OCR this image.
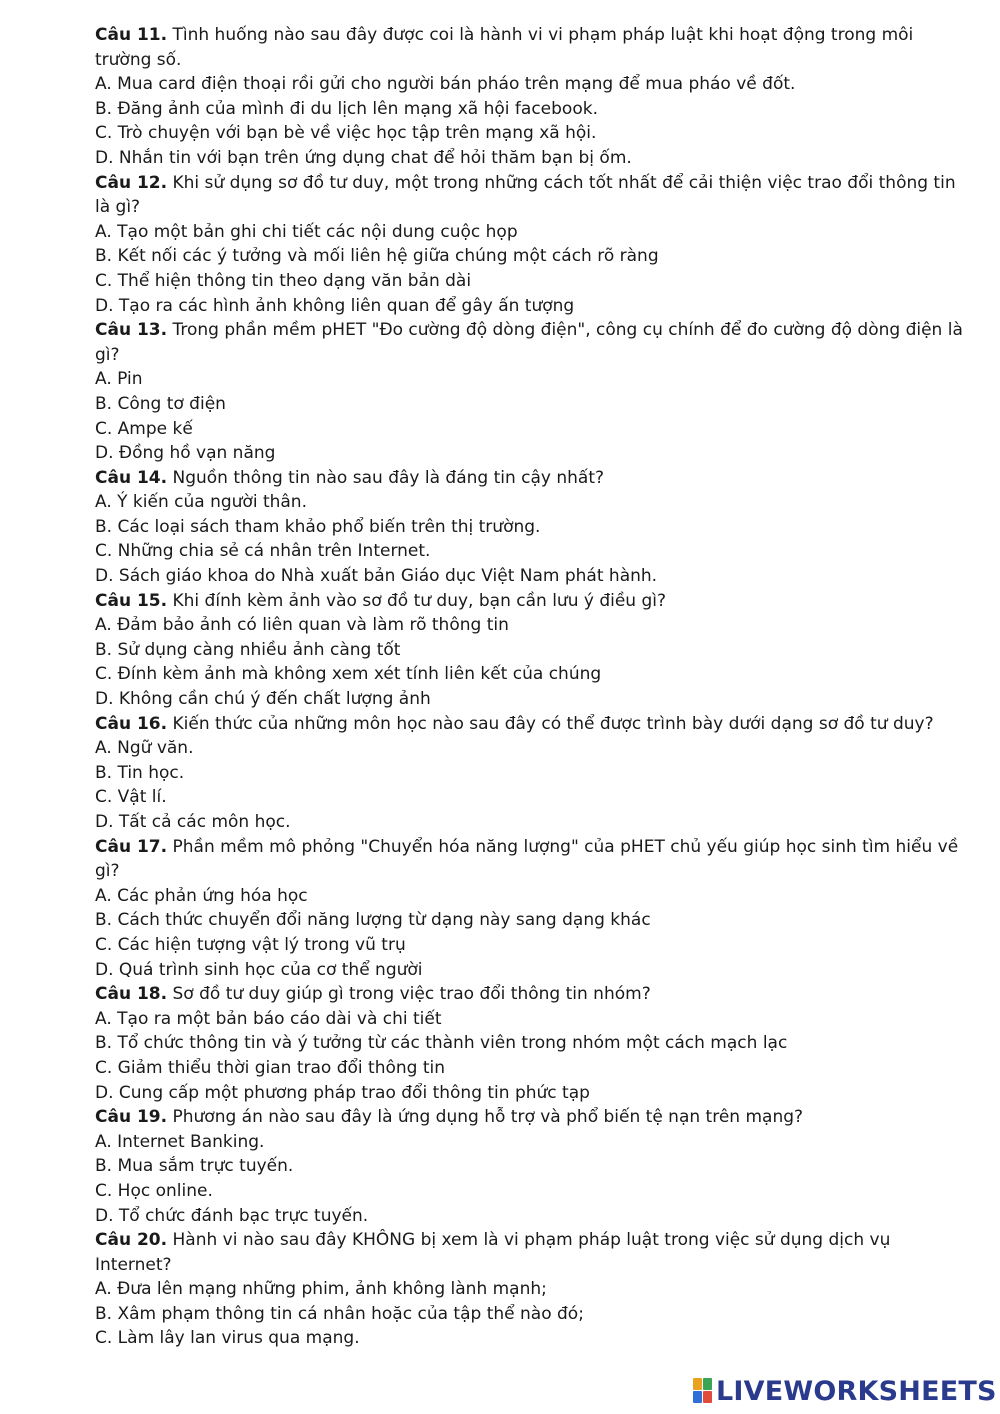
Câu 11. Tình huống nào sau đây được coi là hành vi vi phạm pháp luật khi hoạt động trong môi trường số.
A. Mua card điện thoại rồi gửi cho người bán pháo trên mạng để mua pháo về đốt.
B. Đăng ảnh của mình đi du lịch lên mạng xã hội facebook.
C. Trò chuyện với bạn bè về việc học tập trên mạng xã hội.
D. Nhắn tin với bạn trên ứng dụng chat để hỏi thăm bạn bị ốm.
Câu 12. Khi sử dụng sơ đồ tư duy, một trong những cách tốt nhất để cải thiện việc trao đổi thông tin là gì?
A. Tạo một bản ghi chi tiết các nội dung cuộc họp
B. Kết nối các ý tưởng và mối liên hệ giữa chúng một cách rõ ràng
C. Thể hiện thông tin theo dạng văn bản dài
D. Tạo ra các hình ảnh không liên quan để gây ấn tượng
Câu 13. Trong phần mềm pHET "Đo cường độ dòng điện", công cụ chính để đo cường độ dòng điện là gì?
A. Pin
B. Công tơ điện
C. Ampe kế
D. Đồng hồ vạn năng
Câu 14. Nguồn thông tin nào sau đây là đáng tin cậy nhất?
A. Ý kiến của người thân.
B. Các loại sách tham khảo phổ biến trên thị trường.
C. Những chia sẻ cá nhân trên Internet.
D. Sách giáo khoa do Nhà xuất bản Giáo dục Việt Nam phát hành.
Câu 15. Khi đính kèm ảnh vào sơ đồ tư duy, bạn cần lưu ý điều gì?
A. Đảm bảo ảnh có liên quan và làm rõ thông tin
B. Sử dụng càng nhiều ảnh càng tốt
C. Đính kèm ảnh mà không xem xét tính liên kết của chúng
D. Không cần chú ý đến chất lượng ảnh
Câu 16. Kiến thức của những môn học nào sau đây có thể được trình bày dưới dạng sơ đồ tư duy?
A. Ngữ văn.
B. Tin học.
C. Vật lí.
D. Tất cả các môn học.
Câu 17. Phần mềm mô phỏng "Chuyển hóa năng lượng" của pHET chủ yếu giúp học sinh tìm hiểu về gì?
A. Các phản ứng hóa học
B. Cách thức chuyển đổi năng lượng từ dạng này sang dạng khác
C. Các hiện tượng vật lý trong vũ trụ
D. Quá trình sinh học của cơ thể người
Câu 18. Sơ đồ tư duy giúp gì trong việc trao đổi thông tin nhóm?
A. Tạo ra một bản báo cáo dài và chi tiết
B. Tổ chức thông tin và ý tưởng từ các thành viên trong nhóm một cách mạch lạc
C. Giảm thiểu thời gian trao đổi thông tin
D. Cung cấp một phương pháp trao đổi thông tin phức tạp
Câu 19. Phương án nào sau đây là ứng dụng hỗ trợ và phổ biến tệ nạn trên mạng?
A. Internet Banking.
B. Mua sắm trực tuyến.
C. Học online.
D. Tổ chức đánh bạc trực tuyến.
Câu 20. Hành vi nào sau đây KHÔNG bị xem là vi phạm pháp luật trong việc sử dụng dịch vụ Internet?
A. Đưa lên mạng những phim, ảnh không lành mạnh;
B. Xâm phạm thông tin cá nhân hoặc của tập thể nào đó;
C. Làm lây lan virus qua mạng.
LIVEWORKSHEETS
